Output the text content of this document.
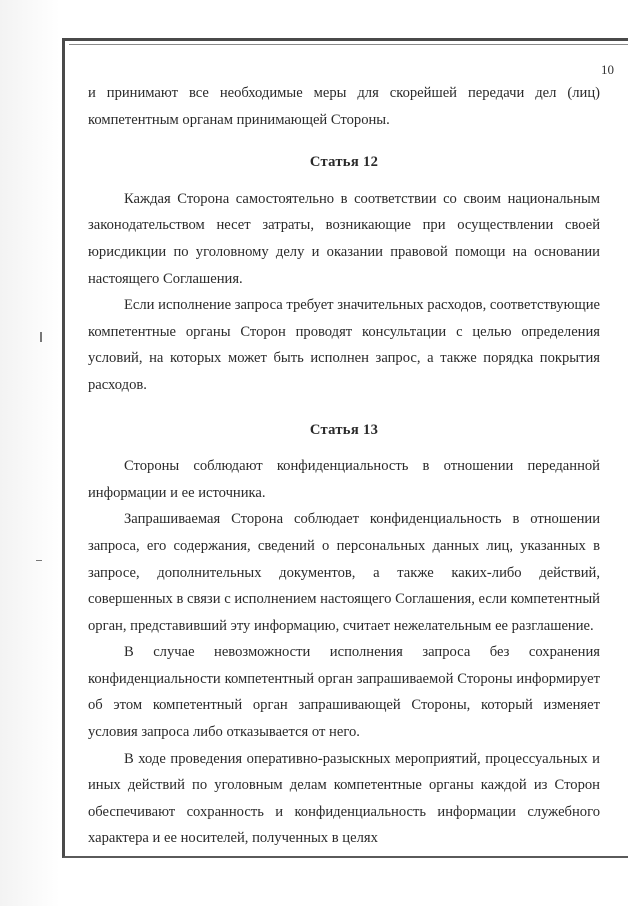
10

и принимают все необходимые меры для скорейшей передачи дел (лиц) компетентным органам принимающей Стороны.

Статья 12

Каждая Сторона самостоятельно в соответствии со своим национальным законодательством несет затраты, возникающие при осуществлении своей юрисдикции по уголовному делу и оказании правовой помощи на основании настоящего Соглашения.

Если исполнение запроса требует значительных расходов, соответствующие компетентные органы Сторон проводят консультации с целью определения условий, на которых может быть исполнен запрос, а также порядка покрытия расходов.

Статья 13

Стороны соблюдают конфиденциальность в отношении переданной информации и ее источника.

Запрашиваемая Сторона соблюдает конфиденциальность в отношении запроса, его содержания, сведений о персональных данных лиц, указанных в запросе, дополнительных документов, а также каких-либо действий, совершенных в связи с исполнением настоящего Соглашения, если компетентный орган, представивший эту информацию, считает нежелательным ее разглашение.

В случае невозможности исполнения запроса без сохранения конфиденциальности компетентный орган запрашиваемой Стороны информирует об этом компетентный орган запрашивающей Стороны, который изменяет условия запроса либо отказывается от него.

В ходе проведения оперативно-разыскных мероприятий, процессуальных и иных действий по уголовным делам компетентные органы каждой из Сторон обеспечивают сохранность и конфиденциальность информации служебного характера и ее носителей, полученных в целях
